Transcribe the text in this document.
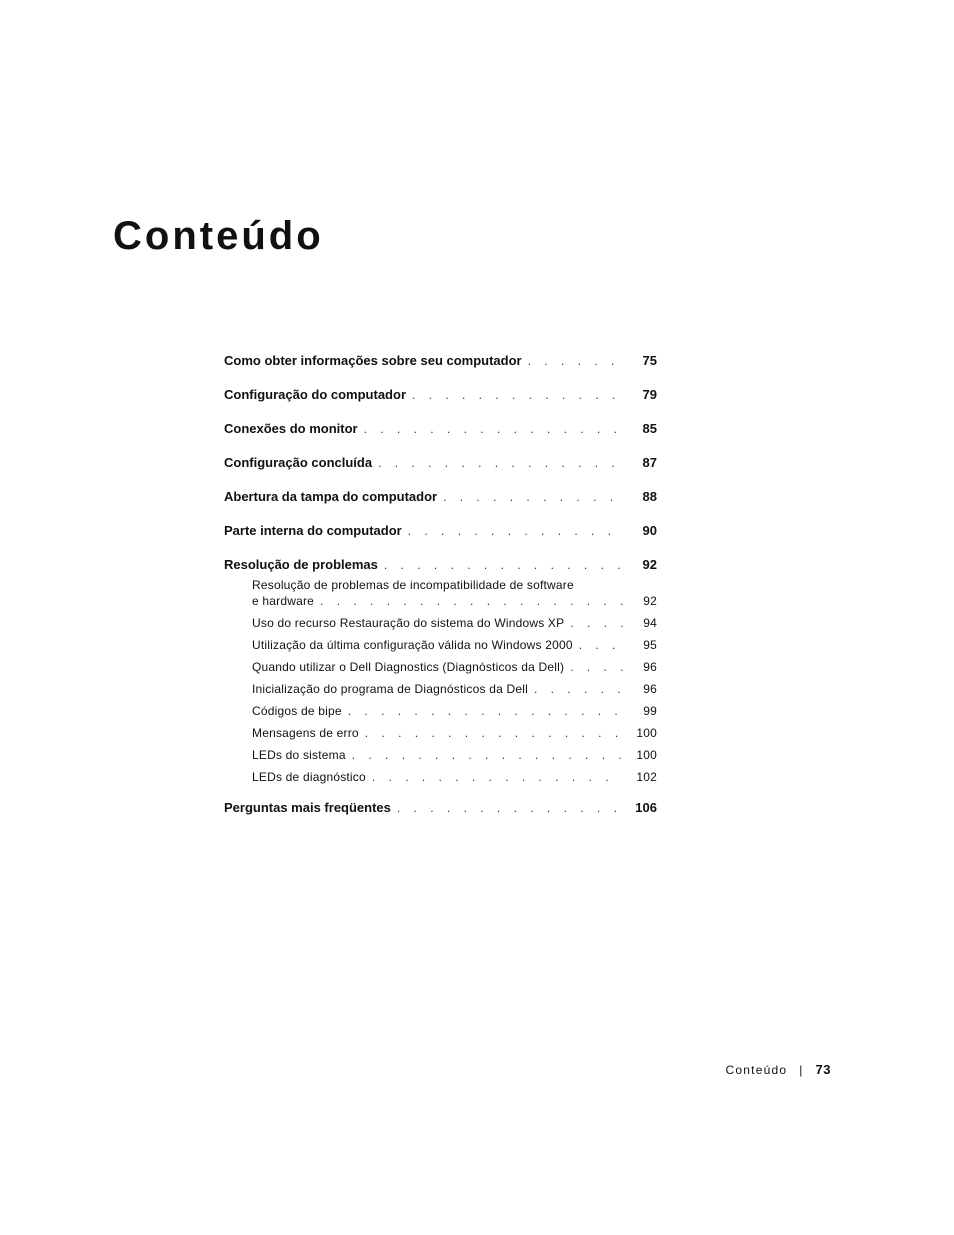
Conteúdo
Como obter informações sobre seu computador . . .	75
Configuração do computador . . .	79
Conexões do monitor . . .	85
Configuração concluída . . .	87
Abertura da tampa do computador . . .	88
Parte interna do computador . . .	90
Resolução de problemas . . .	92
Resolução de problemas de incompatibilidade de software
e hardware . . .	92
Uso do recurso Restauração do sistema do Windows XP . . .	94
Utilização da última configuração válida no Windows 2000 . . .	95
Quando utilizar o Dell Diagnostics (Diagnósticos da Dell) . . .	96
Inicialização do programa de Diagnósticos da Dell . . .	96
Códigos de bipe . . .	99
Mensagens de erro . . .	100
LEDs do sistema . . .	100
LEDs de diagnóstico . . .	102
Perguntas mais freqüentes . . .	106
Conteúdo | 73
